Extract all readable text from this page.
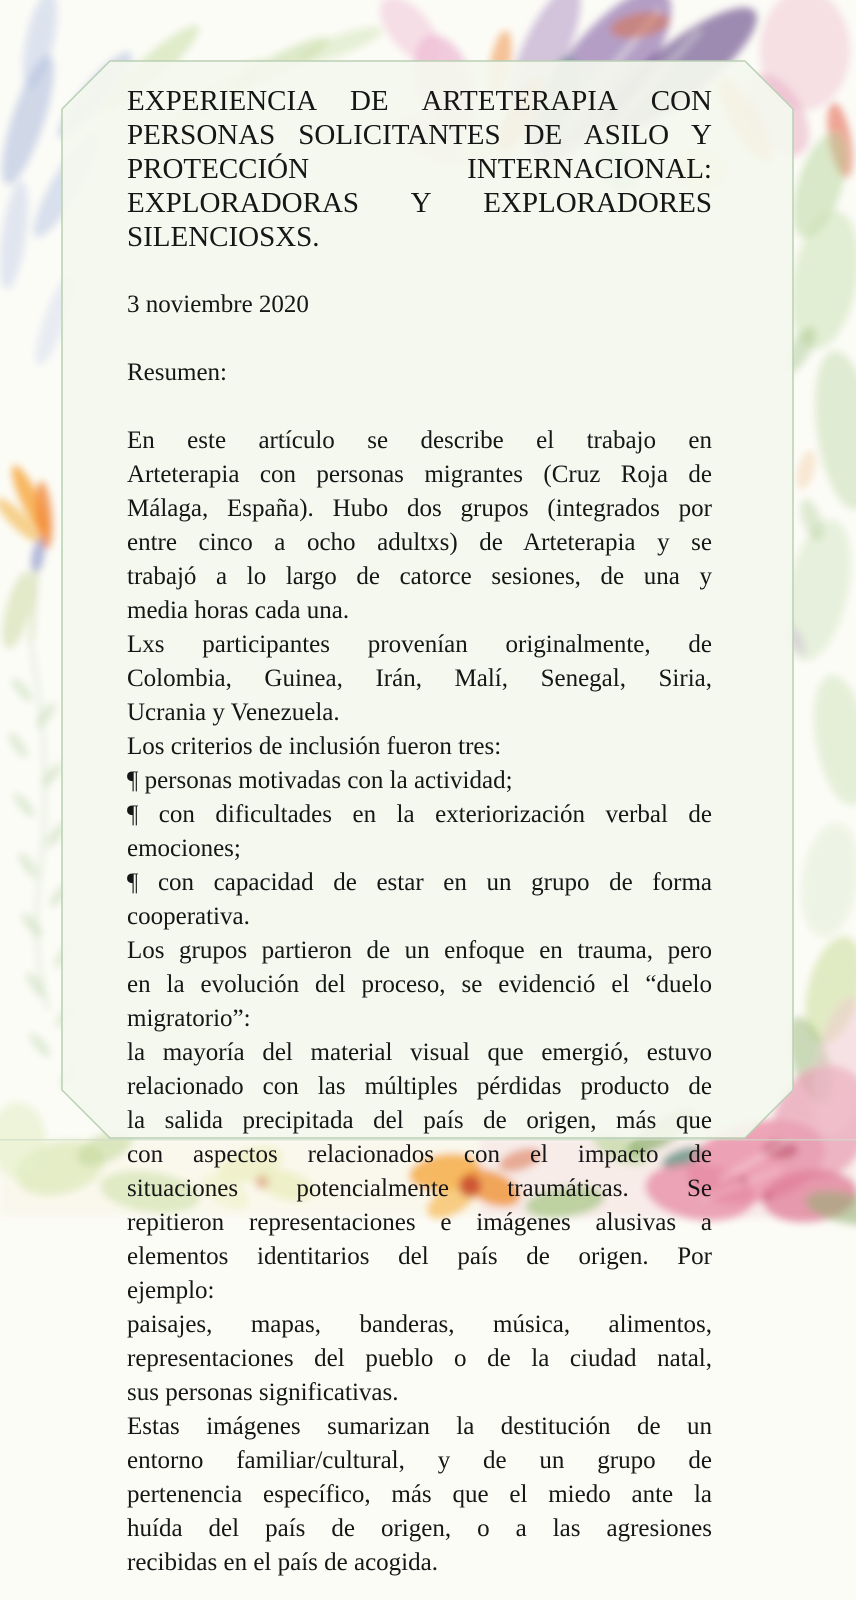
EXPERIENCIA DE ARTETERAPIA CON
PERSONAS SOLICITANTES DE ASILO Y
PROTECCIÓN INTERNACIONAL:
EXPLORADORAS Y EXPLORADORES
SILENCIOSXS.
3 noviembre 2020
Resumen:
En este artículo se describe el trabajo en
Arteterapia con personas migrantes (Cruz Roja de
Málaga, España). Hubo dos grupos (integrados por
entre cinco a ocho adultxs) de Arteterapia y se
trabajó a lo largo de catorce sesiones, de una y
media horas cada una.
Lxs participantes provenían originalmente, de
Colombia, Guinea, Irán, Malí, Senegal, Siria,
Ucrania y Venezuela.
Los criterios de inclusión fueron tres:
¶ personas motivadas con la actividad;
¶ con dificultades en la exteriorización verbal de
emociones;
¶ con capacidad de estar en un grupo de forma
cooperativa.
Los grupos partieron de un enfoque en trauma, pero
en la evolución del proceso, se evidenció el “duelo
migratorio”:
la mayoría del material visual que emergió, estuvo
relacionado con las múltiples pérdidas producto de
la salida precipitada del país de origen, más que
con aspectos relacionados con el impacto de
situaciones potencialmente traumáticas. Se
repitieron representaciones e imágenes alusivas a
elementos identitarios del país de origen. Por
ejemplo:
paisajes, mapas, banderas, música, alimentos,
representaciones del pueblo o de la ciudad natal,
sus personas significativas.
Estas imágenes sumarizan la destitución de un
entorno familiar/cultural, y de un grupo de
pertenencia específico, más que el miedo ante la
huída del país de origen, o a las agresiones
recibidas en el país de acogida.
